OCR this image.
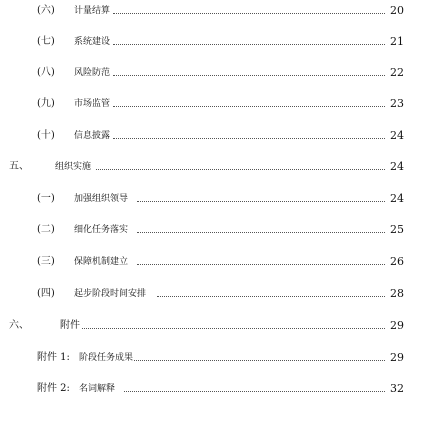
(六) 计量结算	20
(七) 系统建设	21
(八) 风险防范	22
(九) 市场监管	23
(十) 信息披露	24
五、	组织实施	24
(一) 加强组织领导	24
(二) 细化任务落实	25
(三) 保障机制建立	26
(四) 起步阶段时间安排	28
六、	附件	29
附件 1: 阶段任务成果	29
附件 2: 名词解释	32
